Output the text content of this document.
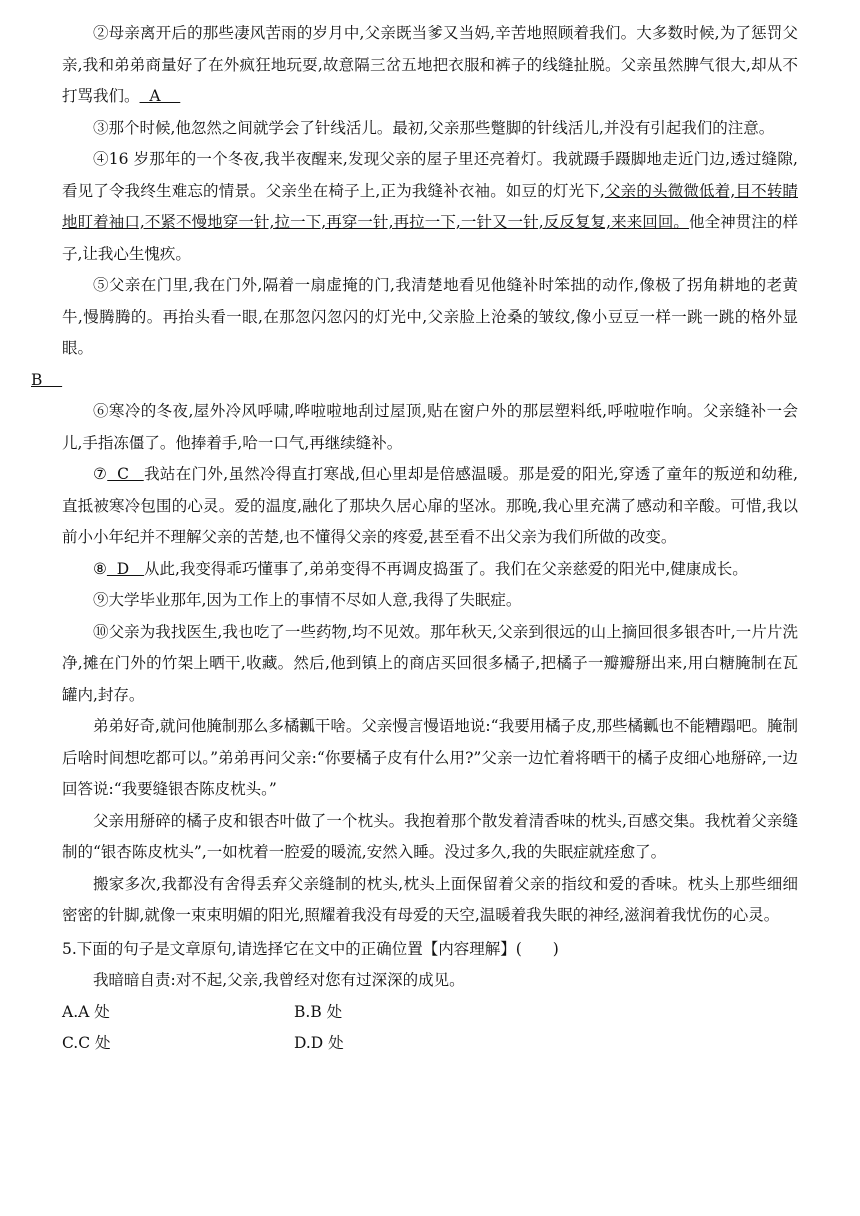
②母亲离开后的那些凄风苦雨的岁月中,父亲既当爹又当妈,辛苦地照顾着我们。大多数时候,为了惩罚父亲,我和弟弟商量好了在外疯狂地玩耍,故意隔三岔五地把衣服和裤子的线缝扯脱。父亲虽然脾气很大,却从不打骂我们。  A

③那个时候,他忽然之间就学会了针线活儿。最初,父亲那些蹩脚的针线活儿,并没有引起我们的注意。

④16 岁那年的一个冬夜,我半夜醒来,发现父亲的屋子里还亮着灯。我就蹑手蹑脚地走近门边,透过缝隙,看见了令我终生难忘的情景。父亲坐在椅子上,正为我缝补衣袖。如豆的灯光下,父亲的头微微低着,目不转睛地盯着袖口,不紧不慢地穿一针,拉一下,再穿一针,再拉一下,一针又一针,反反复复,来来回回。他全神贯注的样子,让我心生愧疚。

⑤父亲在门里,我在门外,隔着一扇虚掩的门,我清楚地看见他缝补时笨拙的动作,像极了拐角耕地的老黄牛,慢腾腾的。再抬头看一眼,在那忽闪忽闪的灯光中,父亲脸上沧桑的皱纹,像小豆豆一样一跳一跳的格外显眼。
B

⑥寒冷的冬夜,屋外冷风呼啸,哗啦啦地刮过屋顶,贴在窗户外的那层塑料纸,呼啦啦作响。父亲缝补一会儿,手指冻僵了。他捧着手,哈一口气,再继续缝补。

⑦  C   我站在门外,虽然冷得直打寒战,但心里却是倍感温暖。那是爱的阳光,穿透了童年的叛逆和幼稚,直抵被寒冷包围的心灵。爱的温度,融化了那块久居心扉的坚冰。那晚,我心里充满了感动和辛酸。可惜,我以前小小年纪并不理解父亲的苦楚,也不懂得父亲的疼爱,甚至看不出父亲为我们所做的改变。

⑧  D   从此,我变得乖巧懂事了,弟弟变得不再调皮捣蛋了。我们在父亲慈爱的阳光中,健康成长。

⑨大学毕业那年,因为工作上的事情不尽如人意,我得了失眠症。

⑩父亲为我找医生,我也吃了一些药物,均不见效。那年秋天,父亲到很远的山上摘回很多银杏叶,一片片洗净,摊在门外的竹架上晒干,收藏。然后,他到镇上的商店买回很多橘子,把橘子一瓣瓣掰出来,用白糖腌制在瓦罐内,封存。

弟弟好奇,就问他腌制那么多橘瓤干啥。父亲慢言慢语地说:“我要用橘子皮,那些橘瓤也不能糟蹋吧。腌制后啥时间想吃都可以。”弟弟再问父亲:“你要橘子皮有什么用?”父亲一边忙着将晒干的橘子皮细心地掰碎,一边回答说:“我要缝银杏陈皮枕头。”

父亲用掰碎的橘子皮和银杏叶做了一个枕头。我抱着那个散发着清香味的枕头,百感交集。我枕着父亲缝制的“银杏陈皮枕头”,一如枕着一腔爱的暖流,安然入睡。没过多久,我的失眠症就痊愈了。

搬家多次,我都没有舍得丢弃父亲缝制的枕头,枕头上面保留着父亲的指纹和爱的香味。枕头上那些细细密密的针脚,就像一束束明媚的阳光,照耀着我没有母爱的天空,温暖着我失眠的神经,滋润着我忧伤的心灵。

5.下面的句子是文章原句,请选择它在文中的正确位置【内容理解】(　　)

我暗暗自责:对不起,父亲,我曾经对您有过深深的成见。

A.A 处	B.B 处
C.C 处	D.D 处
